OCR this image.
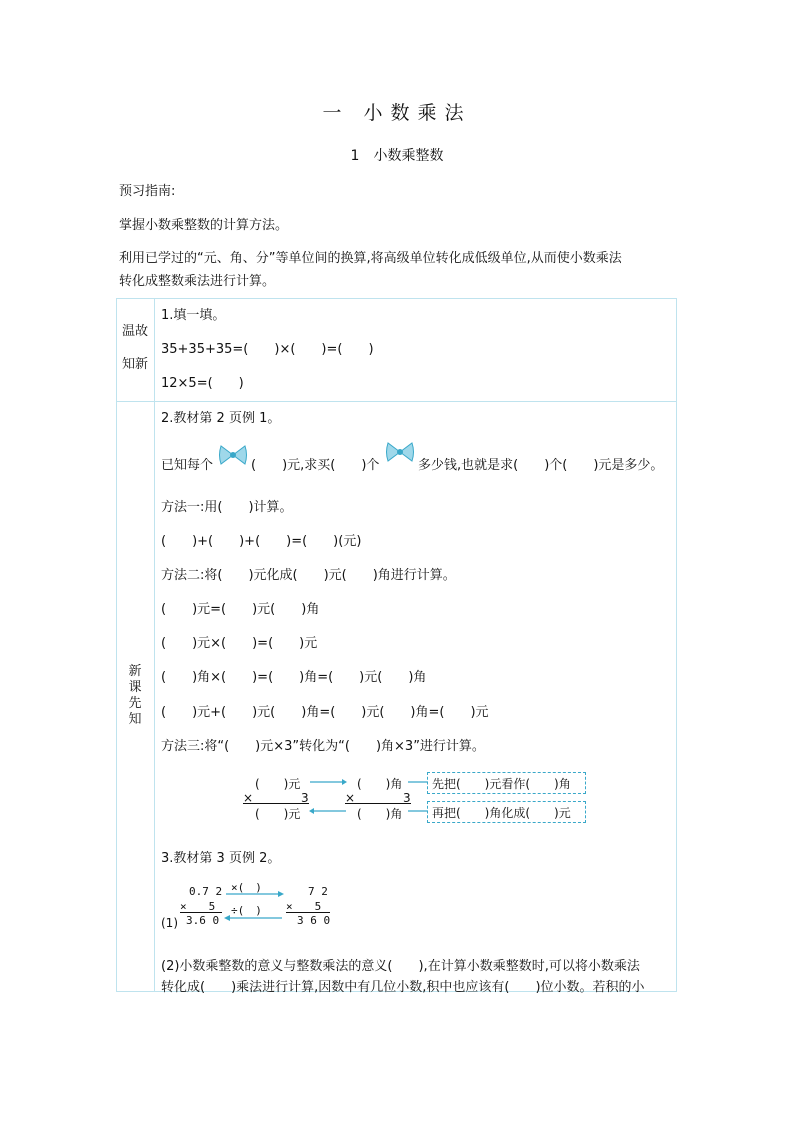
一 小数乘法
1　小数乘整数
预习指南:
掌握小数乘整数的计算方法。
利用已学过的“元、角、分”等单位间的换算,将高级单位转化成低级单位,从而使小数乘法
转化成整数乘法进行计算。
温故
知新
1.填一填。
35+35+35=(　　)×(　　)=(　　)
12×5=(　　)
新
课
先
知
2.教材第 2 页例 1。
已知每个	(　　)元,求买(　　)个	多少钱,也就是求(　　)个(　　)元是多少。
方法一:用(　　)计算。
(　　)+(　　)+(　　)=(　　)(元)
方法二:将(　　)元化成(　　)元(　　)角进行计算。
(　　)元=(　　)元(　　)角
(　　)元×(　　)=(　　)元
(　　)角×(　　)=(　　)角=(　　)元(　　)角
(　　)元+(　　)元(　　)角=(　　)元(　　)角=(　　)元
方法三:将“(　　)元×3”转化为“(　　)角×3”进行计算。
(　　)元
×　　　　3
(　　)元
(　　)角
×　　　　3
(　　)角
先把(　　)元看作(　　)角
再把(　　)角化成(　　)元
3.教材第 3 页例 2。
0.7 2
×　　5
3.6 0
(1)
×(　)
÷(　)
7 2
×　　5
3 6 0
(2)小数乘整数的意义与整数乘法的意义(　　),在计算小数乘整数时,可以将小数乘法
转化成(　　)乘法进行计算,因数中有几位小数,积中也应该有(　　)位小数。若积的小
